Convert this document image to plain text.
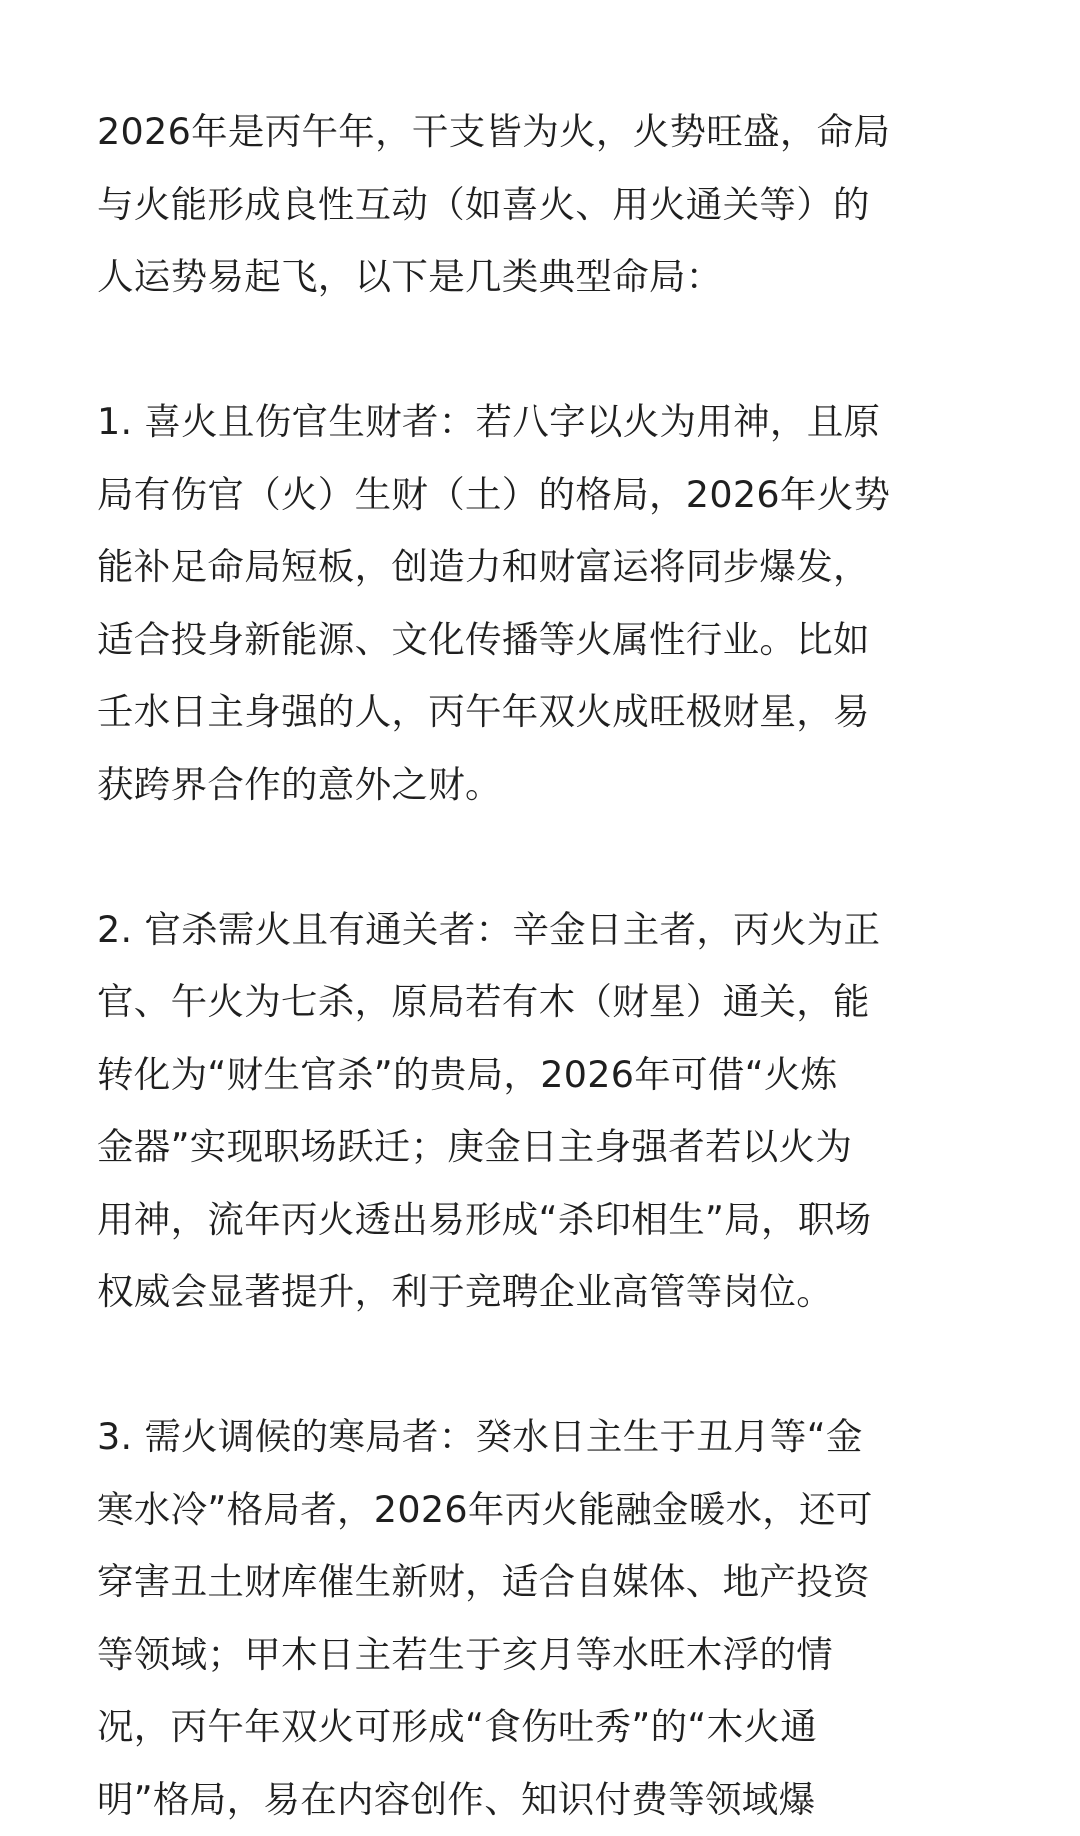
2026年是丙午年，干支皆为火，火势旺盛，命局
与火能形成良性互动（如喜火、用火通关等）的
人运势易起飞，以下是几类典型命局：

1. 喜火且伤官生财者：若八字以火为用神，且原
局有伤官（火）生财（土）的格局，2026年火势
能补足命局短板，创造力和财富运将同步爆发，
适合投身新能源、文化传播等火属性行业。比如
壬水日主身强的人，丙午年双火成旺极财星，易
获跨界合作的意外之财。

2. 官杀需火且有通关者：辛金日主者，丙火为正
官、午火为七杀，原局若有木（财星）通关，能
转化为“财生官杀”的贵局，2026年可借“火炼
金器”实现职场跃迁；庚金日主身强者若以火为
用神，流年丙火透出易形成“杀印相生”局，职场
权威会显著提升，利于竞聘企业高管等岗位。

3. 需火调候的寒局者：癸水日主生于丑月等“金
寒水冷”格局者，2026年丙火能融金暖水，还可
穿害丑土财库催生新财，适合自媒体、地产投资
等领域；甲木日主若生于亥月等水旺木浮的情
况，丙午年双火可形成“食伤吐秀”的“木火通
明”格局，易在内容创作、知识付费等领域爆
